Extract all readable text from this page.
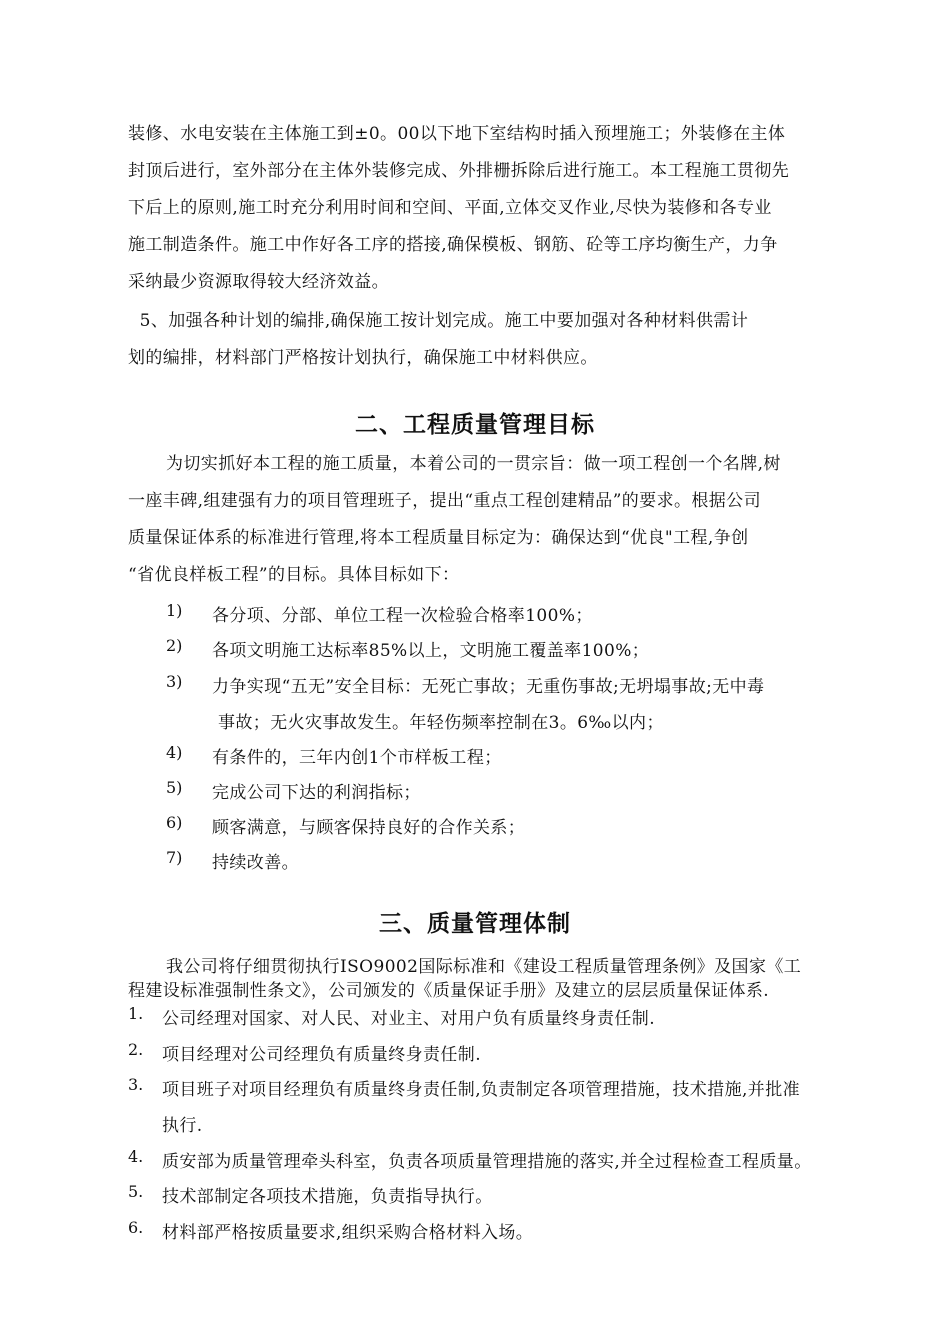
装修、水电安装在主体施工到±0。00以下地下室结构时插入预埋施工；外装修在主体
封顶后进行，室外部分在主体外装修完成、外排栅拆除后进行施工。本工程施工贯彻先
下后上的原则,施工时充分利用时间和空间、平面,立体交叉作业,尽快为装修和各专业
施工制造条件。施工中作好各工序的搭接,确保模板、钢筋、砼等工序均衡生产，力争
采纳最少资源取得较大经济效益。
5、加强各种计划的编排,确保施工按计划完成。施工中要加强对各种材料供需计
划的编排，材料部门严格按计划执行，确保施工中材料供应。
二、工程质量管理目标
为切实抓好本工程的施工质量，本着公司的一贯宗旨：做一项工程创一个名牌,树
一座丰碑,组建强有力的项目管理班子，提出“重点工程创建精品”的要求。根据公司
质量保证体系的标准进行管理,将本工程质量目标定为：确保达到“优良"工程,争创
“省优良样板工程”的目标。具体目标如下：
1) 各分项、分部、单位工程一次检验合格率100%；
2) 各项文明施工达标率85%以上，文明施工覆盖率100%；
3) 力争实现“五无”安全目标：无死亡事故；无重伤事故;无坍塌事故;无中毒
事故；无火灾事故发生。年轻伤频率控制在3。6‰以内；
4) 有条件的，三年内创1个市样板工程；
5) 完成公司下达的利润指标；
6) 顾客满意，与顾客保持良好的合作关系；
7) 持续改善。
三、质量管理体制
我公司将仔细贯彻执行ISO9002国际标准和《建设工程质量管理条例》及国家《工
程建设标准强制性条文》，公司颁发的《质量保证手册》及建立的层层质量保证体系.
1. 公司经理对国家、对人民、对业主、对用户负有质量终身责任制.
2. 项目经理对公司经理负有质量终身责任制.
3. 项目班子对项目经理负有质量终身责任制,负责制定各项管理措施，技术措施,并批准
执行.
4. 质安部为质量管理牵头科室，负责各项质量管理措施的落实,并全过程检查工程质量。
5. 技术部制定各项技术措施，负责指导执行。
6. 材料部严格按质量要求,组织采购合格材料入场。
